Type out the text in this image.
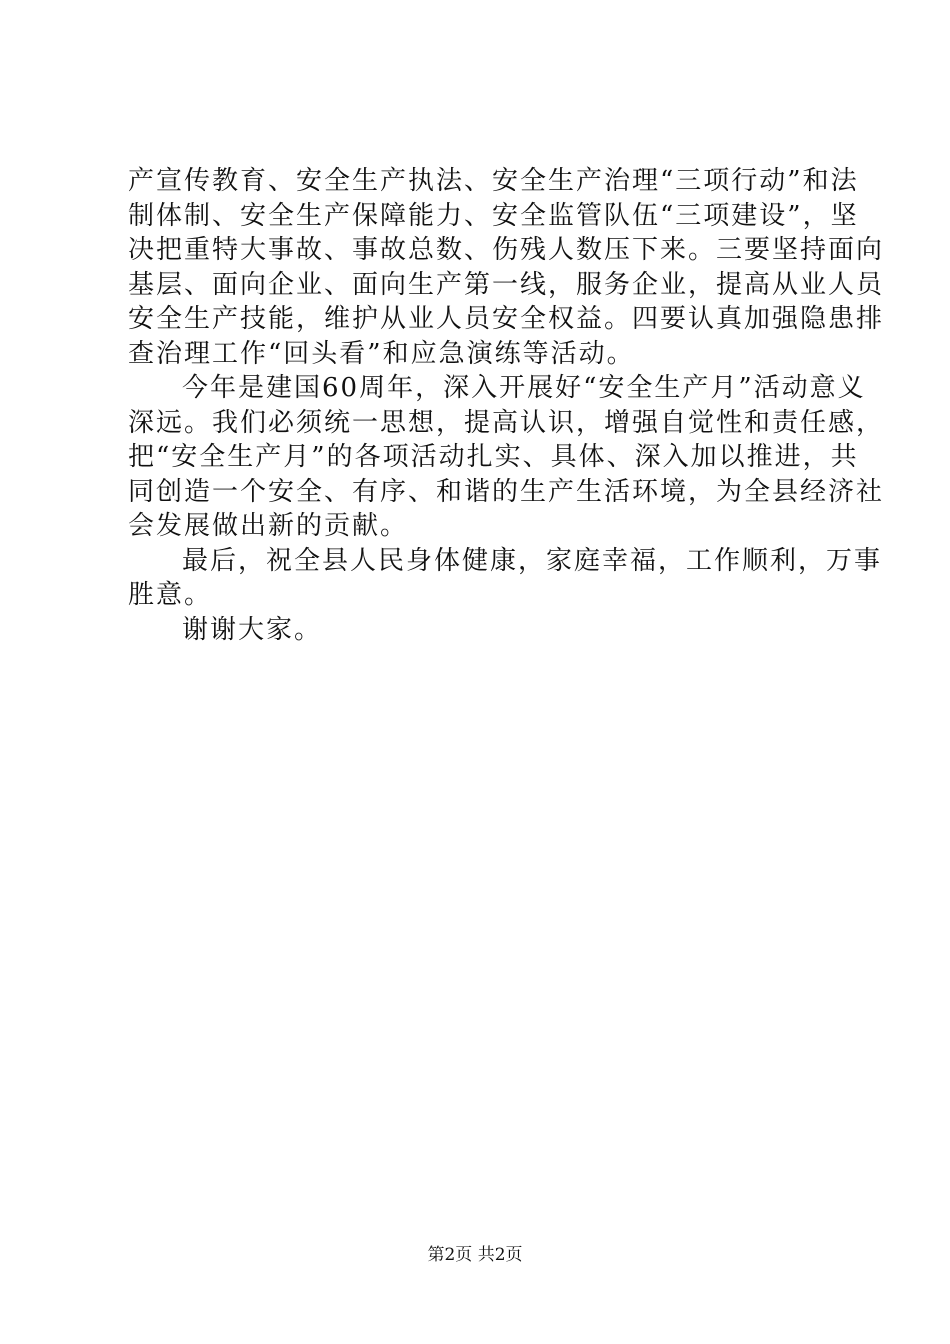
产宣传教育、安全生产执法、安全生产治理“三项行动”和法
制体制、安全生产保障能力、安全监管队伍“三项建设”，坚
决把重特大事故、事故总数、伤残人数压下来。三要坚持面向
基层、面向企业、面向生产第一线，服务企业，提高从业人员
安全生产技能，维护从业人员安全权益。四要认真加强隐患排
查治理工作“回头看”和应急演练等活动。
今年是建国60周年，深入开展好“安全生产月”活动意义
深远。我们必须统一思想，提高认识，增强自觉性和责任感，
把“安全生产月”的各项活动扎实、具体、深入加以推进，共
同创造一个安全、有序、和谐的生产生活环境，为全县经济社
会发展做出新的贡献。
最后，祝全县人民身体健康，家庭幸福，工作顺利，万事
胜意。
谢谢大家。
第2页 共2页
